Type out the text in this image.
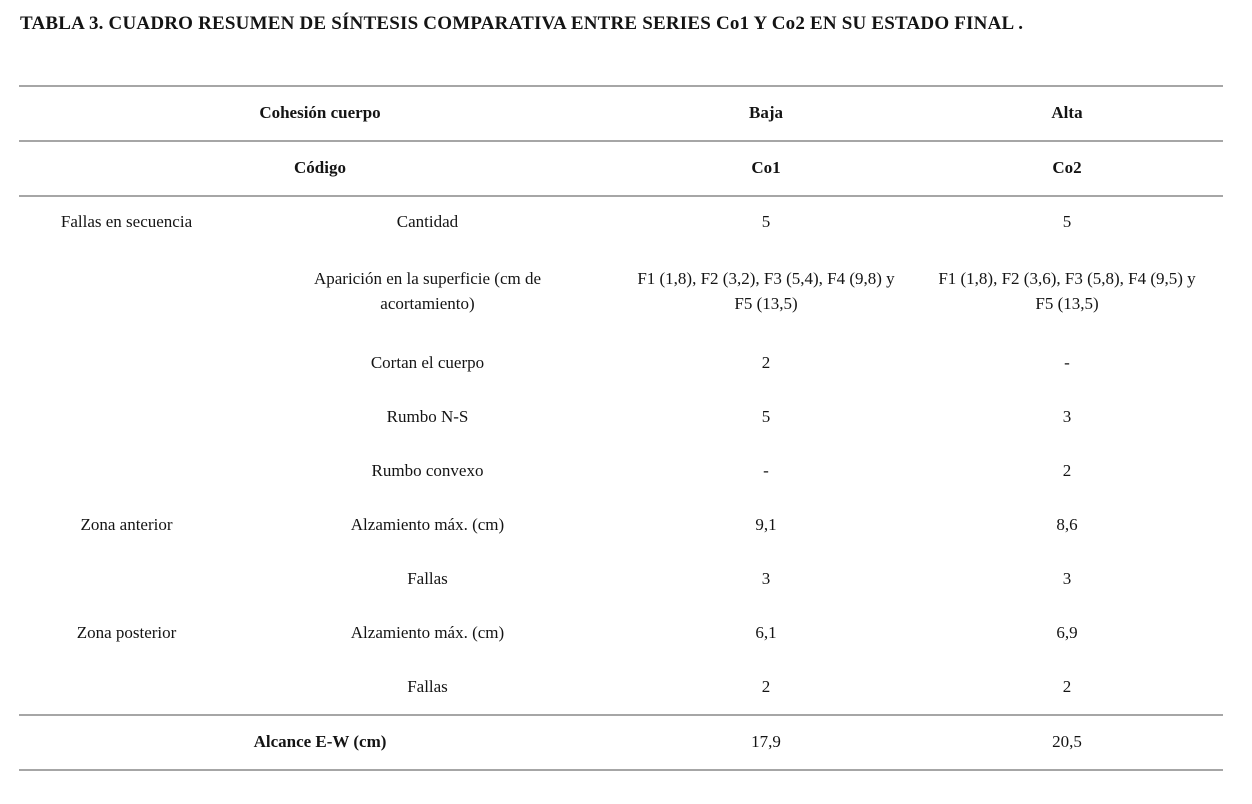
TABLA 3. CUADRO RESUMEN DE SÍNTESIS COMPARATIVA ENTRE SERIES Co1 Y Co2 EN SU ESTADO FINAL .
Cohesión cuerpo		Baja	Alta
Código		Co1	Co2
Fallas en secuencia	Cantidad	5	5
	Aparición en la superficie (cm de acortamiento)	F1 (1,8), F2 (3,2), F3 (5,4), F4 (9,8) y F5 (13,5)	F1 (1,8), F2 (3,6), F3 (5,8), F4 (9,5) y F5 (13,5)
	Cortan el cuerpo	2	-
	Rumbo N-S	5	3
	Rumbo convexo	-	2
Zona anterior	Alzamiento máx. (cm)	9,1	8,6
	Fallas	3	3
Zona posterior	Alzamiento máx. (cm)	6,1	6,9
	Fallas	2	2
Alcance E-W (cm)		17,9	20,5
